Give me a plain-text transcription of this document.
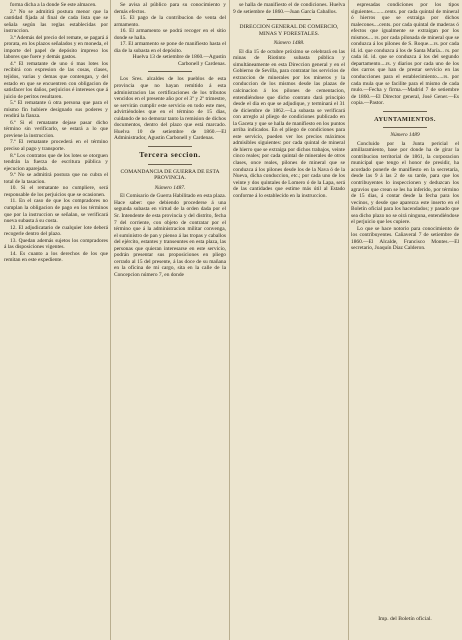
forma dicha a la donde Se este almacen.

2.ª No se admitirá postura menor que la cantidad fijada al final de cada lista que se señala según las reglas establecidas por instruccion.

3.ª Además del precio del remate, se pagará á prorata, en los plazos señalados y en moneda, el importe del papel de depósito impreso los labores que fuere y demás gastos.

4.ª El rematante de uno ó mas lotes los recibirá con expresion de las cosas, clases, tejidos, varias y demas que contengan, y del estado en que se encuentren con obligacion de satisfacer los daños, perjuicios é intereses que á juicio de peritos resultaren.

5.ª El rematante ú otra persona que para el mismo fin hubiere designado sus poderes y rendirá la fianza.

6.ª Si el rematante dejase pasar dicho término sin verificarlo, se estará a lo que previene la instruccion.

7.ª El rematante procederá en el término preciso al pago y transporte.

8.ª Los contratos que de los lotes se otorguen tendrán la fuerza de escritura pública y ejecucion aparejada.

9.ª No se admitirá postura que no cubra el total de la tasacion.

10. Si el rematante no cumpliere, será responsable de los perjuicios que se ocasionen.

11. En el caso de que los compradores no cumplan la obligacion de pago en los términos que por la instruccion se señalan, se verificará nueva subasta á su costa.

12. El adjudicatario de cualquier lote deberá recogerle dentro del plazo.

13. Quedan además sujetos los compradores á las disposiciones vigentes.

14. Es cuanto a los derechos de los que remitan en este expediente.

Se avisa al público para su conocimiento y demás efectos.

15. El pago de la contribucion de venta del armamento.

16. El armamento se podrá recoger en el sitio donde se halla.

17. El armamento se pone de manifiesto hasta el dia de la subasta en el depósito.

Huelva 13 de setiembre de 1860.—Agustin Carbonell y Cardenas.

Los Sres. alcaldes de los pueblos de esta provincia que no hayan remitido á esta administracion las certificaciones de los tributos vencidos en el presente año por el 3º y 2º trimestre, se servirán cumplir este servicio en todo este mes, advirtiéndoles que en el término de 15 dias, cuidando de no demorar tanto la remision de dichos documentos, dentro del plazo que está marcado. Huelva 10 de setiembre de 1860.—El Administrador, Agustin Carbonell y Cardenas.

Tercera seccion.

COMANDANCIA DE GUERRA DE ESTA PROVINCIA.

Número 1487.

El Comisario de Guerra Habilitado en esta plaza. Hace saber: que debiendo procederse á una segunda subasta en virtud de la orden dada por el Sr. Intendente de esta provincia y del distrito, fecha 7 del corriente, con objeto de contratar por el término que á la administracion militar convenga, el suministro de pan y pienso á las tropas y caballos del ejército, estantes y transeuntes en esta plaza, las personas que quieran interesarse en este servicio, podrán presentar sus proposiciones en pliego cerrado al 15 del presente, á las doce de su mañana en la oficina de mi cargo, sita en la calle de la Concepcion número 7, en donde

se halla de manifiesto el de condiciones. Huelva 9 de setiembre de 1860.—Juan García Caballos.

DIRECCION GENERAL DE COMERCIO, MINAS Y FORESTALES.

Número 1488.

El dia 15 de octubre próximo se celebrará en las minas de Riotinto subasta pública y simultáneamente en esta Direccion general y en el Gobierno de Sevilla, para contratar los servicios de extraccion de minerales por los mineros y la conduccion de los mismos desde las plazas de calcinacion á los pilones de cementacion, entendiéndose que dicho contrato dará principio desde el dia en que se adjudique, y terminará el 31 de diciembre de 1862.—La subasta se verificará con arreglo al pliego de condiciones publicado en la Gaceta y que se halla de manifiesto en los puntos arriba indicados. En el pliego de condiciones para este servicio, pueden ver los precios máximos admisibles siguientes: por cada quintal de mineral de hierro que se extraiga por dichos trabajos, veinte cinco reales; por cada quintal de minerales de otros clases, once reales, pilones de mineral que se conduzca á los pilones desde los de la Nava ó de la Nueva, dicha conduccion, etc.; por cada uno de los veinte y dos quintales de Lomero ó de la Lapa, será de las cantidades que estime más útil al Estado conforme á lo establecido en la instruccion.

espresadas condiciones por los tipos siguientes.........cents. por cada quintal de mineral ó hierros que se extraiga por dichos malecones....cents. por cada quintal de maderas ó efectos que igualmente se extraigan por los mismos.... rs. por cada pilonada de mineral que se conduzca á los pilones de S. Roque....rs. por cada íd. id. que conduzca á los de Santa María... rs. por cada íd. id. que se conduzca á los del segundo departamento....rs. y diarios por cada uno de los dos carros que han de prestar servicio en las conducciones para el establecimiento.....rs. por cada mula que se facilite para el mismo de cada mulo.—Fecha y firma.—Madrid 7 de setiembre de 1860.—El Director general, José Gener.—Es copia.—Pastor.

AYUNTAMIENTOS.

Número 1489

Concluido por la Junta pericial el amillaramiento, base por donde ha de girar la contribucion territorial de 1861, la corporacion municipal que tengo el honor de presidir, ha acordado ponerle de manifiesto en la secretaría, desde las 9 á las 2 de su tarde, para que los contribuyentes lo inspeccionen y deduzcan los agravios que crean se les ha inferido, por término de 15 dias, á contar desde la fecha para los vecinos, y desde que aparezca este inserto en el Boletín oficial para los hacendados; y pasado que sea dicho plazo no se oirá ninguna, entendiéndose el perjuicio que les cupiere.

Lo que se hace notorio para conocimiento de los contribuyentes. Cañaveral 7 de setiembre de 1860.—El Alcalde, Francisco Montes.—El secretario, Joaquín Diaz Calderon.

Imp. del Boletín oficial.
